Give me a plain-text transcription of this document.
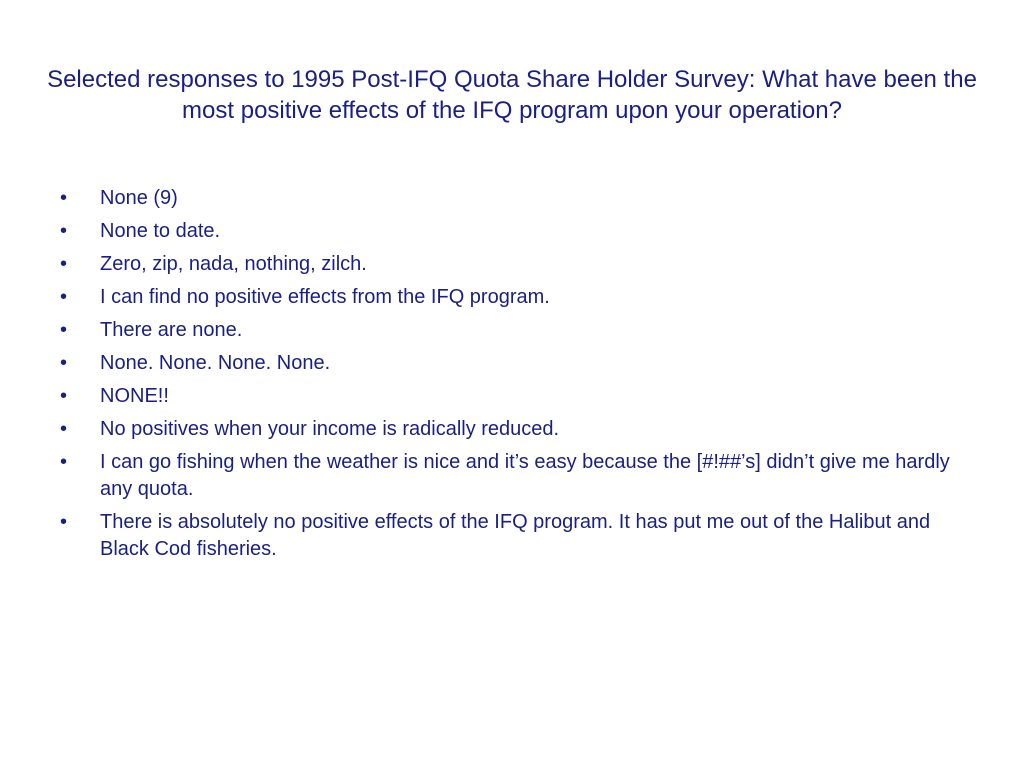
Selected responses to 1995 Post-IFQ Quota Share Holder Survey: What have been the most positive effects of the IFQ program upon your operation?
• None (9)
• None to date.
• Zero, zip, nada, nothing, zilch.
• I can find no positive effects from the IFQ program.
• There are none.
• None. None. None. None.
• NONE!!
• No positives when your income is radically reduced.
• I can go fishing when the weather is nice and it’s easy because the [#!##’s] didn’t give me hardly any quota.
• There is absolutely no positive effects of the IFQ program. It has put me out of the Halibut and Black Cod fisheries.
